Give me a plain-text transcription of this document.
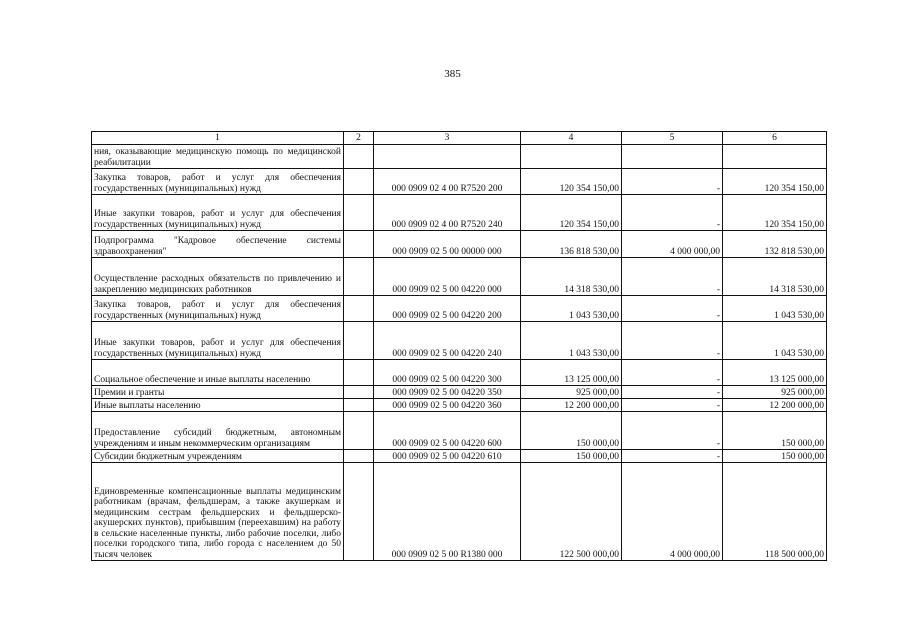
385
1	2	3	4	5	6
ния, оказывающие медицинскую помощь по медицинской реабилитации					
Закупка товаров, работ и услуг для обеспечения государственных (муниципальных) нужд		000 0909 02 4 00 R7520 200	120 354 150,00	-	120 354 150,00
Иные закупки товаров, работ и услуг для обеспечения государственных (муниципальных) нужд		000 0909 02 4 00 R7520 240	120 354 150,00	-	120 354 150,00
Подпрограмма "Кадровое обеспечение системы здравоохранения"		000 0909 02 5 00 00000 000	136 818 530,00	4 000 000,00	132 818 530,00
Осуществление расходных обязательств по привлечению и закреплению медицинских работников		000 0909 02 5 00 04220 000	14 318 530,00	-	14 318 530,00
Закупка товаров, работ и услуг для обеспечения государственных (муниципальных) нужд		000 0909 02 5 00 04220 200	1 043 530,00	-	1 043 530,00
Иные закупки товаров, работ и услуг для обеспечения государственных (муниципальных) нужд		000 0909 02 5 00 04220 240	1 043 530,00	-	1 043 530,00
Социальное обеспечение и иные выплаты населению		000 0909 02 5 00 04220 300	13 125 000,00	-	13 125 000,00
Премии и гранты		000 0909 02 5 00 04220 350	925 000,00	-	925 000,00
Иные выплаты населению		000 0909 02 5 00 04220 360	12 200 000,00	-	12 200 000,00
Предоставление субсидий бюджетным, автономным учреждениям и иным некоммерческим организациям		000 0909 02 5 00 04220 600	150 000,00	-	150 000,00
Субсидии бюджетным учреждениям		000 0909 02 5 00 04220 610	150 000,00	-	150 000,00
Единовременные компенсационные выплаты медицинским работникам (врачам, фельдшерам, а также акушеркам и медицинским сестрам фельдшерских и фельдшерско-акушерских пунктов), прибывшим (переехавшим) на работу в сельские населенные пункты, либо рабочие поселки, либо поселки городского типа, либо города с населением до 50 тысяч человек		000 0909 02 5 00 R1380 000	122 500 000,00	4 000 000,00	118 500 000,00
